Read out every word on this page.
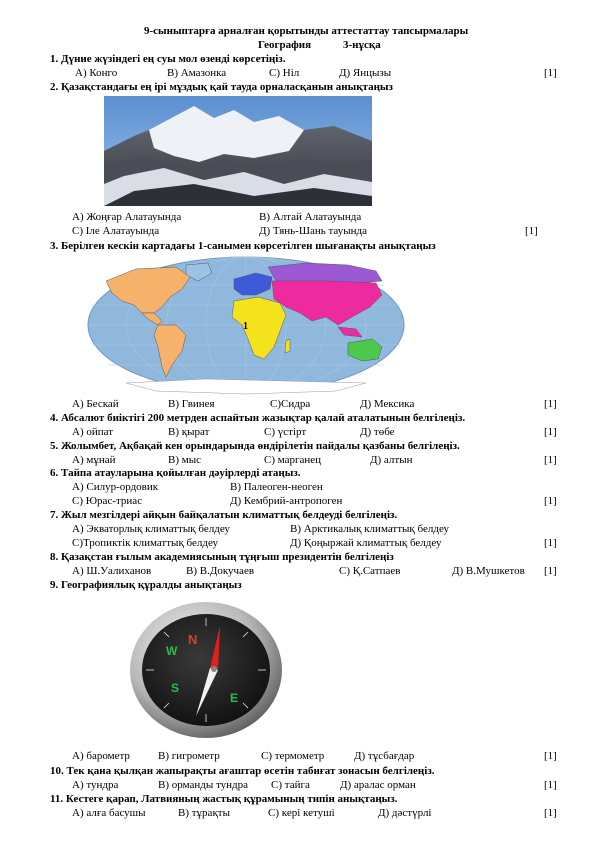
9-сыныптарға арналған қорытынды аттестаттау тапсырмалары
География	3-нұсқа
1. Дүние жүзіндегі ең суы мол өзенді көрсетіңіз.
А) Конго	В) Амазонка	С) Ніл	Д) Янцызы	[1]
2. Қазақстандағы ең ірі мұздық қай тауда орналасқанын анықтаңыз
А) Жоңғар Алатауында	В) Алтай Алатауында
С) Іле Алатауында	Д) Тянь-Шань тауында	[1]
3. Берілген кескін картадағы 1-санымен көрсетілген шығанақты анықтаңыз
1
А) Бескай	В) Гвинея	С)Сидра	Д) Мексика	[1]
4. Абсалют биіктігі 200 метрден аспайтын жазықтар қалай аталатынын белгілеңіз.
А) ойпат	В) қырат	С) үстірт	Д) төбе	[1]
5. Жолымбет, Ақбақай кен орындарында өндірілетін пайдалы қазбаны белгілеңіз.
А) мұнай	В) мыс	С) марганец	Д) алтын	[1]
6. Тайпа атауларына қойылған дәуірлерді атаңыз.
А) Силур-ордовик	В) Палеоген-неоген
С) Юрас-триас	Д) Кембрий-антропоген	[1]
7. Жыл мезгілдері айқын байқалатын климаттық белдеуді белгілеңіз.
А) Экваторлық климаттық белдеу	В) Арктикалық климаттық белдеу
С)Тропиктік климаттық белдеу	Д) Қоңыржай климаттық белдеу	[1]
8. Қазақстан ғылым академиясының тұңғыш президентін белгілеңіз
А) Ш.Уалиханов	В) В.Докучаев	С) Қ.Сатпаев	Д) В.Мушкетов [1]
9. Географиялық құралды анықтаңыз
N
S
W
E
А) барометр	В) гигрометр	С) термометр	Д) тұсбағдар	[1]
10. Тек қана қылқан жапырақты ағаштар өсетін табиғат зонасын белгілеңіз.
А) тундра	В) орманды тундра С) тайга	Д) аралас орман	[1]
11. Кестеге қарап, Латвияның жастық құрамының типін анықтаңыз.
А) алға басушы	В) тұрақты	С) кері кетуші	Д) дәстүрлі	[1]
